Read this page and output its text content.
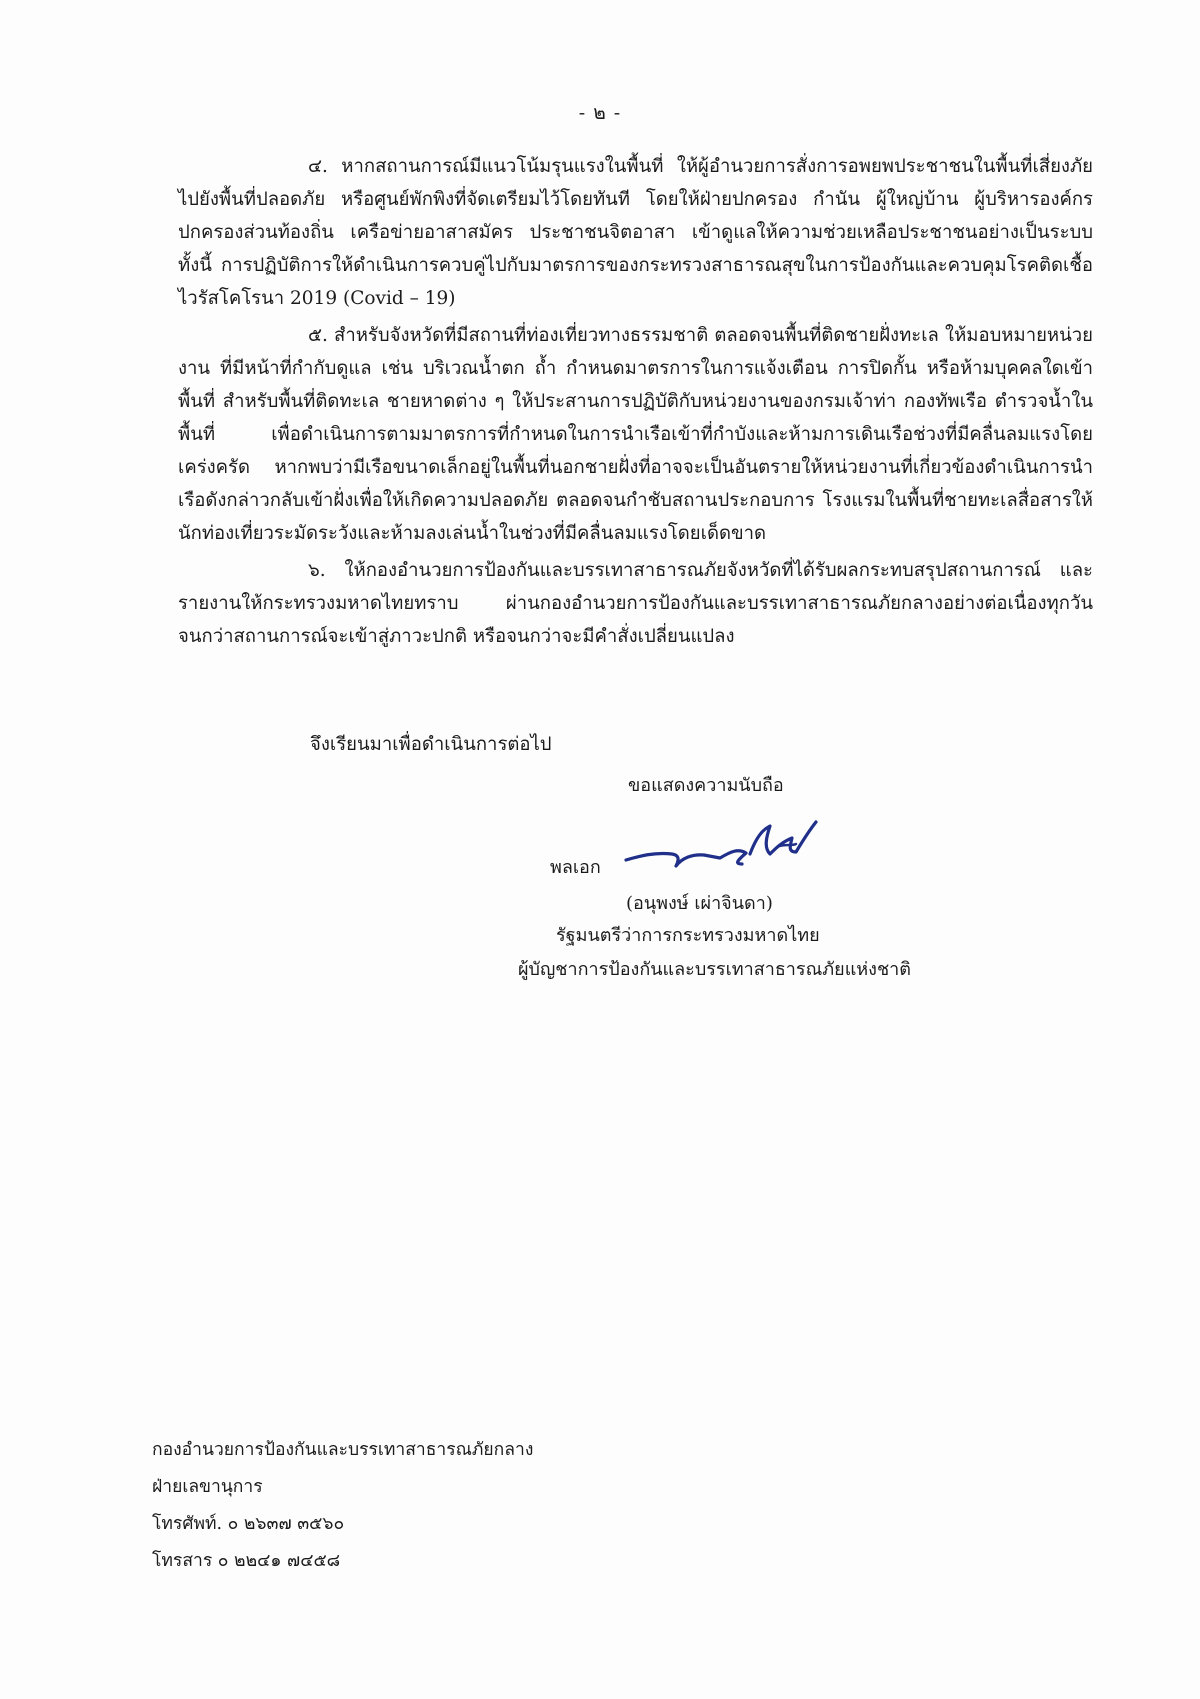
- ๒ -

๔. หากสถานการณ์มีแนวโน้มรุนแรงในพื้นที่ ให้ผู้อำนวยการสั่งการอพยพประชาชนในพื้นที่เสี่ยงภัยไปยังพื้นที่ปลอดภัย หรือศูนย์พักพิงที่จัดเตรียมไว้โดยทันที โดยให้ฝ่ายปกครอง กำนัน ผู้ใหญ่บ้าน ผู้บริหารองค์กรปกครองส่วนท้องถิ่น เครือข่ายอาสาสมัคร ประชาชนจิตอาสา เข้าดูแลให้ความช่วยเหลือประชาชนอย่างเป็นระบบ ทั้งนี้ การปฏิบัติการให้ดำเนินการควบคู่ไปกับมาตรการของกระทรวงสาธารณสุขในการป้องกันและควบคุมโรคติดเชื้อไวรัสโคโรนา 2019 (Covid – 19)

๕. สำหรับจังหวัดที่มีสถานที่ท่องเที่ยวทางธรรมชาติ ตลอดจนพื้นที่ติดชายฝั่งทะเล ให้มอบหมายหน่วยงาน ที่มีหน้าที่กำกับดูแล เช่น บริเวณน้ำตก ถ้ำ กำหนดมาตรการในการแจ้งเตือน การปิดกั้น หรือห้ามบุคคลใดเข้าพื้นที่ สำหรับพื้นที่ติดทะเล ชายหาดต่าง ๆ ให้ประสานการปฏิบัติกับหน่วยงานของกรมเจ้าท่า กองทัพเรือ ตำรวจน้ำในพื้นที่ เพื่อดำเนินการตามมาตรการที่กำหนดในการนำเรือเข้าที่กำบังและห้ามการเดินเรือช่วงที่มีคลื่นลมแรงโดยเคร่งครัด หากพบว่ามีเรือขนาดเล็กอยู่ในพื้นที่นอกชายฝั่งที่อาจจะเป็นอันตรายให้หน่วยงานที่เกี่ยวข้องดำเนินการนำเรือดังกล่าวกลับเข้าฝั่งเพื่อให้เกิดความปลอดภัย ตลอดจนกำชับสถานประกอบการ โรงแรมในพื้นที่ชายทะเลสื่อสารให้นักท่องเที่ยวระมัดระวังและห้ามลงเล่นน้ำในช่วงที่มีคลื่นลมแรงโดยเด็ดขาด

๖. ให้กองอำนวยการป้องกันและบรรเทาสาธารณภัยจังหวัดที่ได้รับผลกระทบสรุปสถานการณ์ และรายงานให้กระทรวงมหาดไทยทราบ ผ่านกองอำนวยการป้องกันและบรรเทาสาธารณภัยกลางอย่างต่อเนื่องทุกวัน จนกว่าสถานการณ์จะเข้าสู่ภาวะปกติ หรือจนกว่าจะมีคำสั่งเปลี่ยนแปลง

จึงเรียนมาเพื่อดำเนินการต่อไป
ขอแสดงความนับถือ
พลเอก
(อนุพงษ์ เผ่าจินดา)
รัฐมนตรีว่าการกระทรวงมหาดไทย
ผู้บัญชาการป้องกันและบรรเทาสาธารณภัยแห่งชาติ
กองอำนวยการป้องกันและบรรเทาสาธารณภัยกลาง
ฝ่ายเลขานุการ
โทรศัพท์. ๐ ๒๖๓๗ ๓๕๖๐
โทรสาร ๐ ๒๒๔๑ ๗๔๕๘
